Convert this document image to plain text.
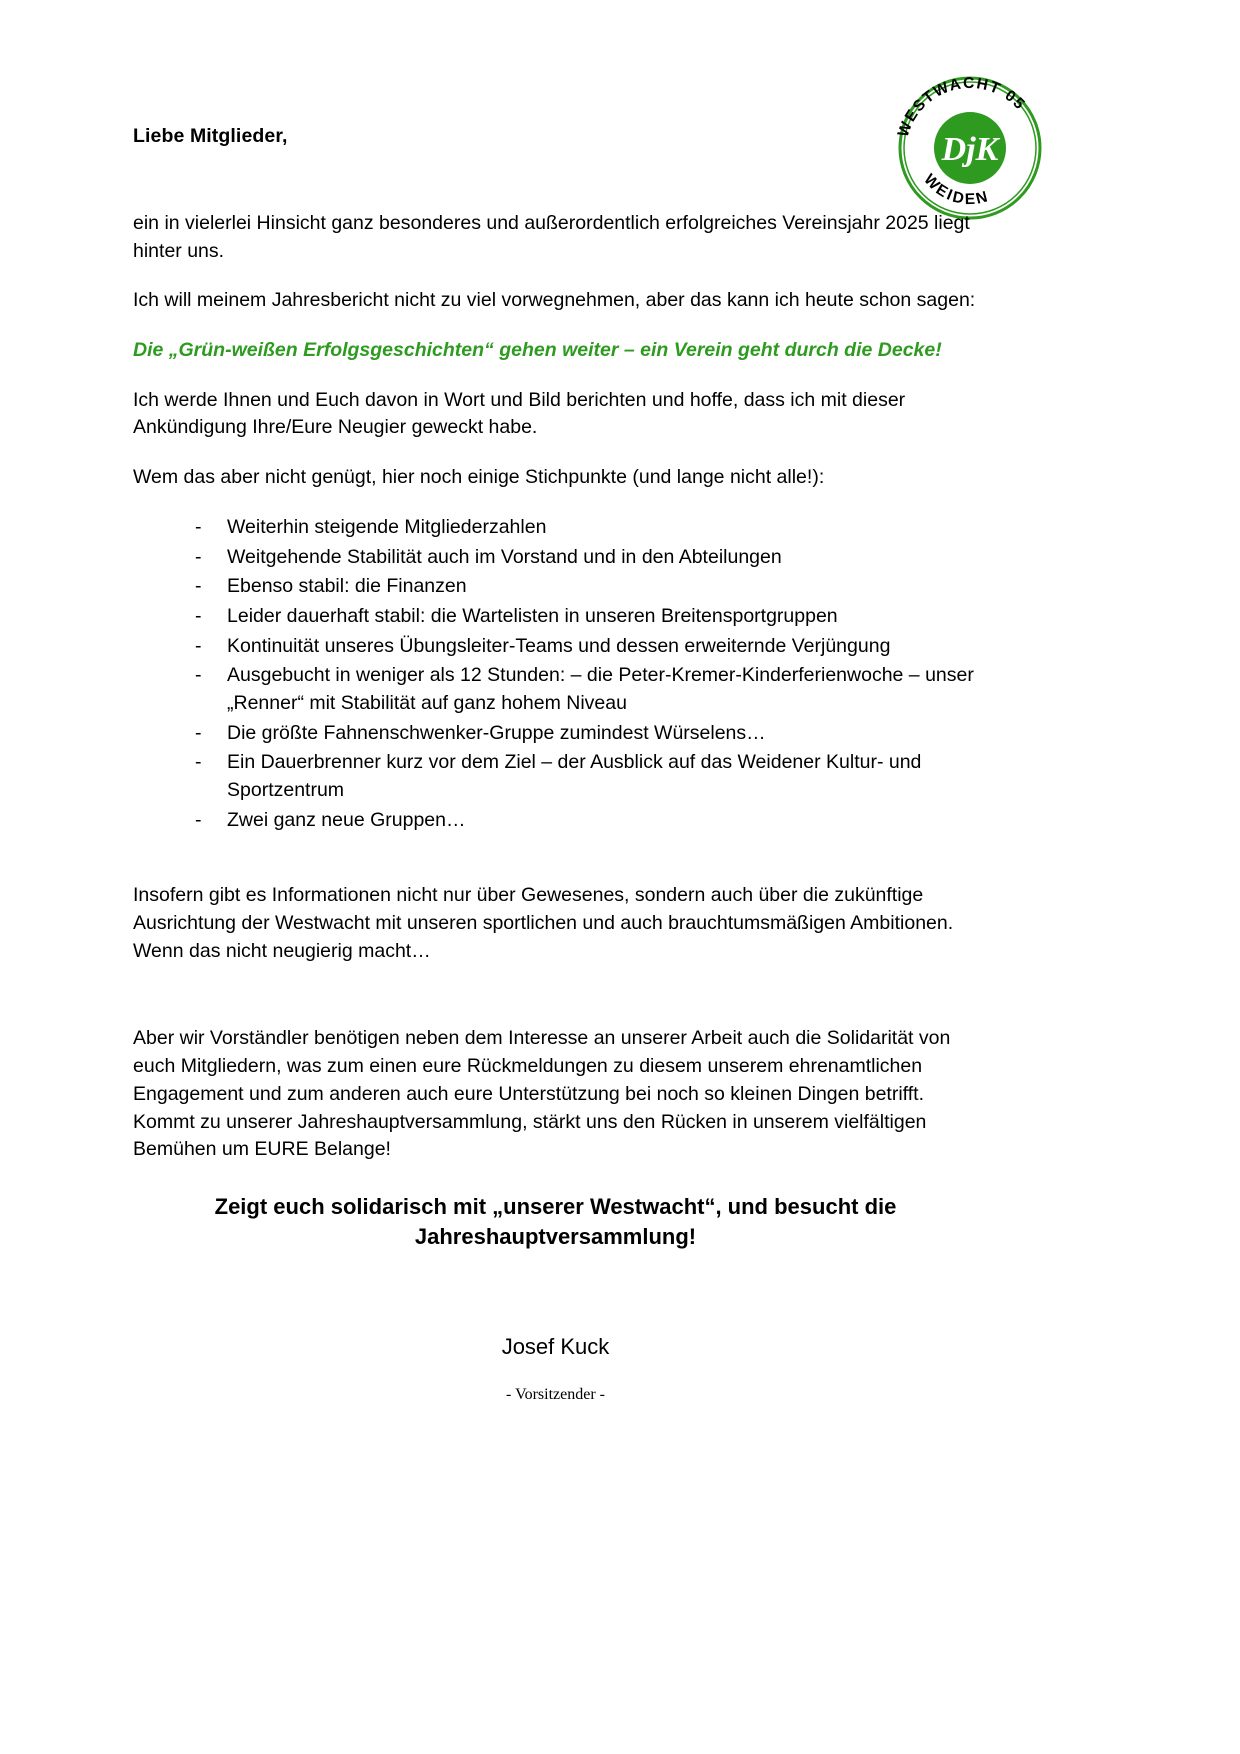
DjK
WESTWACHT 05
WEIDEN
Liebe Mitglieder,

ein in vielerlei Hinsicht ganz besonderes und außerordentlich erfolgreiches Vereinsjahr 2025 liegt hinter uns.

Ich will meinem Jahresbericht nicht zu viel vorwegnehmen, aber das kann ich heute schon sagen:

Die „Grün-weißen Erfolgsgeschichten“ gehen weiter – ein Verein geht durch die Decke!

Ich werde Ihnen und Euch davon in Wort und Bild berichten und hoffe, dass ich mit dieser Ankündigung Ihre/Eure Neugier geweckt habe.

Wem das aber nicht genügt, hier noch einige Stichpunkte (und lange nicht alle!):

- Weiterhin steigende Mitgliederzahlen
- Weitgehende Stabilität auch im Vorstand und in den Abteilungen
- Ebenso stabil: die Finanzen
- Leider dauerhaft stabil: die Wartelisten in unseren Breitensportgruppen
- Kontinuität unseres Übungsleiter-Teams und dessen erweiternde Verjüngung
- Ausgebucht in weniger als 12 Stunden: – die Peter-Kremer-Kinderferienwoche – unser „Renner“ mit Stabilität auf ganz hohem Niveau
- Die größte Fahnenschwenker-Gruppe zumindest Würselens…
- Ein Dauerbrenner kurz vor dem Ziel – der Ausblick auf das Weidener Kultur- und Sportzentrum
- Zwei ganz neue Gruppen…

Insofern gibt es Informationen nicht nur über Gewesenes, sondern auch über die zukünftige Ausrichtung der Westwacht mit unseren sportlichen und auch brauchtumsmäßigen Ambitionen. Wenn das nicht neugierig macht…

Aber wir Vorständler benötigen neben dem Interesse an unserer Arbeit auch die Solidarität von euch Mitgliedern, was zum einen eure Rückmeldungen zu diesem unserem ehrenamtlichen Engagement und zum anderen auch eure Unterstützung bei noch so kleinen Dingen betrifft. Kommt zu unserer Jahreshauptversammlung, stärkt uns den Rücken in unserem vielfältigen Bemühen um EURE Belange!

Zeigt euch solidarisch mit „unserer Westwacht“, und besucht die Jahreshauptversammlung!

Josef Kuck
- Vorsitzender -
